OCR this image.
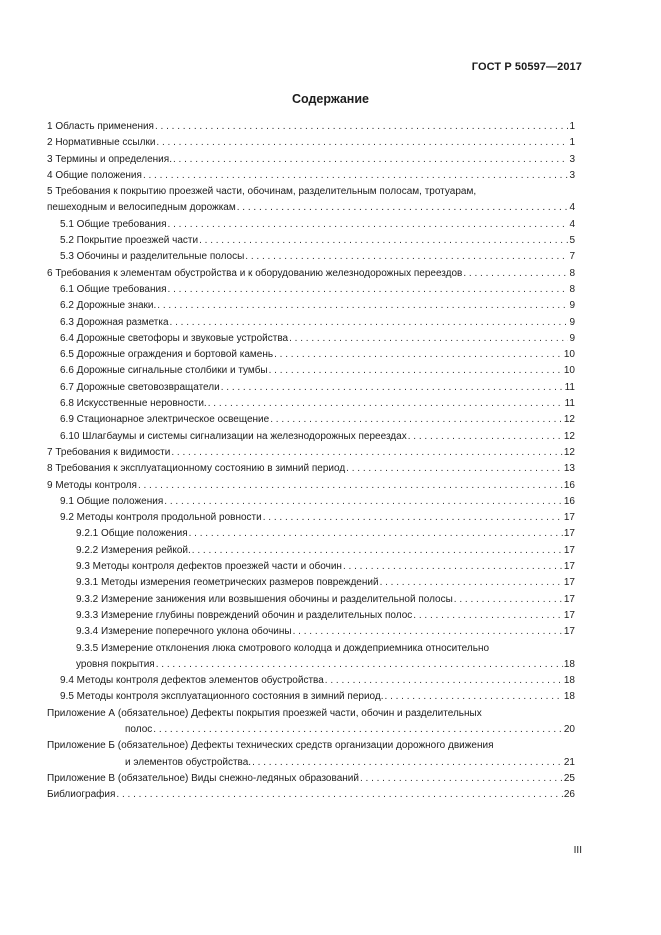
ГОСТ Р 50597—2017
Содержание
1 Область применения . . .	1
2 Нормативные ссылки . . .	1
3 Термины и определения. . . .	3
4 Общие положения . . .	3
5 Требования к покрытию проезжей части, обочинам, разделительным полосам, тротуарам,
пешеходным и велосипедным дорожкам . . .	4
5.1 Общие требования . . .	4
5.2 Покрытие проезжей части . . .	5
5.3 Обочины и разделительные полосы . . .	7
6 Требования к элементам обустройства и к оборудованию железнодорожных переездов . . .	8
6.1 Общие требования . . .	8
6.2 Дорожные знаки. . . .	9
6.3 Дорожная разметка . . .	9
6.4 Дорожные светофоры и звуковые устройства . . .	9
6.5 Дорожные ограждения и бортовой камень . . .	10
6.6 Дорожные сигнальные столбики и тумбы . . .	10
6.7 Дорожные световозвращатели . . .	11
6.8 Искусственные неровности. . . .	11
6.9 Стационарное электрическое освещение . . .	12
6.10 Шлагбаумы и системы сигнализации на железнодорожных переездах . . .	12
7 Требования к видимости . . .	12
8 Требования к эксплуатационному состоянию в зимний период . . .	13
9 Методы контроля . . .	16
9.1 Общие положения . . .	16
9.2 Методы контроля продольной ровности . . .	17
9.2.1 Общие положения . . .	17
9.2.2 Измерения рейкой. . . .	17
9.3 Методы контроля дефектов проезжей части и обочин . . .	17
9.3.1 Методы измерения геометрических размеров повреждений . . .	17
9.3.2 Измерение занижения или возвышения обочины и разделительной полосы . . .	17
9.3.3 Измерение глубины повреждений обочин и разделительных полос . . .	17
9.3.4 Измерение поперечного уклона обочины . . .	17
9.3.5 Измерение отклонения люка смотрового колодца и дождеприемника относительно
уровня покрытия . . .	18
9.4 Методы контроля дефектов элементов обустройства . . .	18
9.5 Методы контроля эксплуатационного состояния в зимний период. . . .	18
Приложение А (обязательное) Дефекты покрытия проезжей части, обочин и разделительных
полос . . .	20
Приложение Б (обязательное) Дефекты технических средств организации дорожного движения
и элементов обустройства. . . .	21
Приложение В (обязательное) Виды снежно-ледяных образований . . .	25
Библиография . . .	26
III
